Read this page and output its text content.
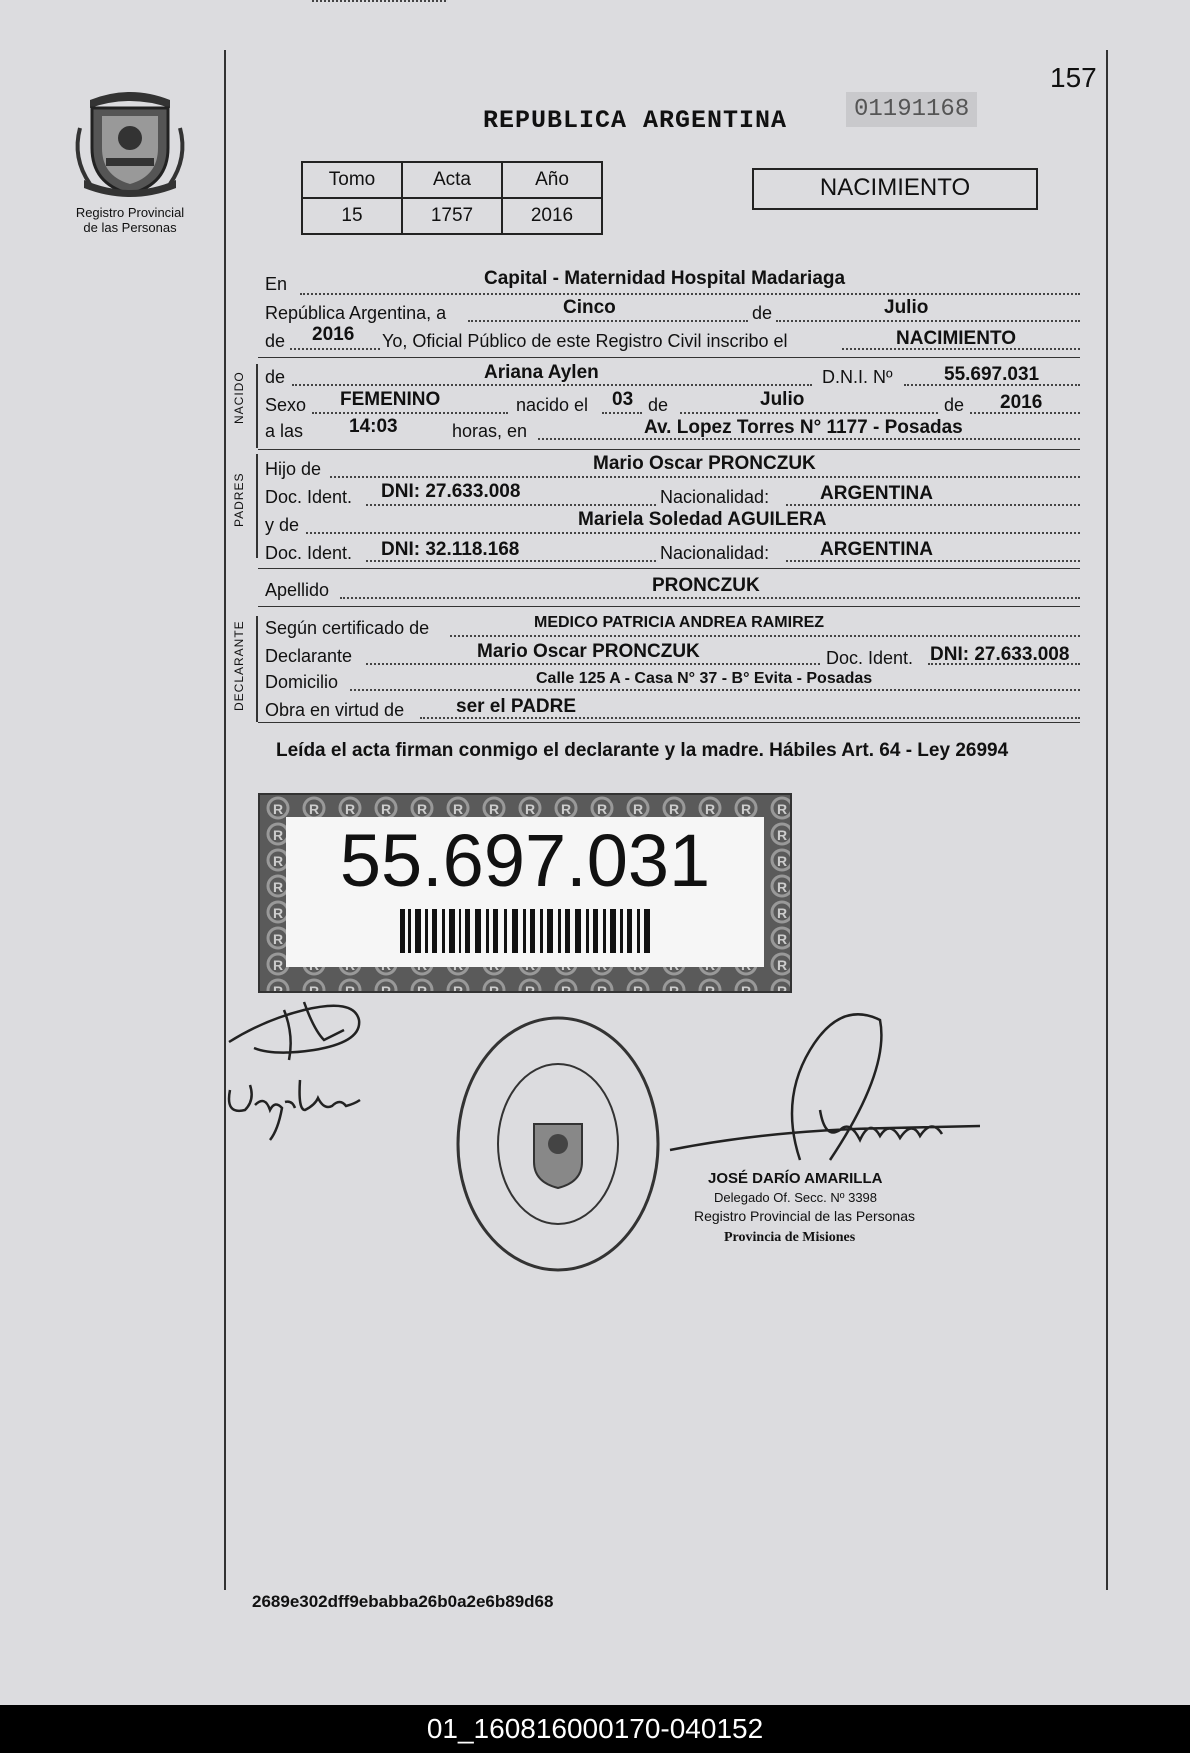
157
Registro Provincial
de las Personas
REPUBLICA ARGENTINA	01191168
Tomo	Acta	Año
15	1757	2016
NACIMIENTO
En	Capital - Maternidad Hospital Madariaga
República Argentina, a	Cinco	de	Julio
de 2016 Yo, Oficial Público de este Registro Civil inscribo el	NACIMIENTO
NACIDO de	Ariana Aylen	D.N.I. Nº	55.697.031
Sexo FEMENINO	nacido el 03 de	Julio	de 2016
a las 14:03	horas, en	Av. Lopez Torres N° 1177 - Posadas
PADRES
Hijo de	Mario Oscar PRONCZUK
Doc. Ident. DNI: 27.633.008	Nacionalidad:	ARGENTINA
y de	Mariela Soledad AGUILERA
Doc. Ident. DNI: 32.118.168	Nacionalidad:	ARGENTINA
Apellido	PRONCZUK
DECLARANTE Según certificado de	MEDICO PATRICIA ANDREA RAMIREZ
Declarante	Mario Oscar PRONCZUK	Doc. Ident. DNI: 27.633.008
Domicilio	Calle 125 A - Casa N° 37 - B° Evita - Posadas
Obra en virtud de	ser el PADRE
Leída el acta firman conmigo el declarante y la madre. Hábiles Art. 64 - Ley 26994
55.697.031
JOSÉ DARÍO AMARILLA
Delegado Of. Secc. Nº 3398
Registro Provincial de las Personas
Provincia de Misiones
2689e302dff9ebabba26b0a2e6b89d68
01_160816000170-040152
